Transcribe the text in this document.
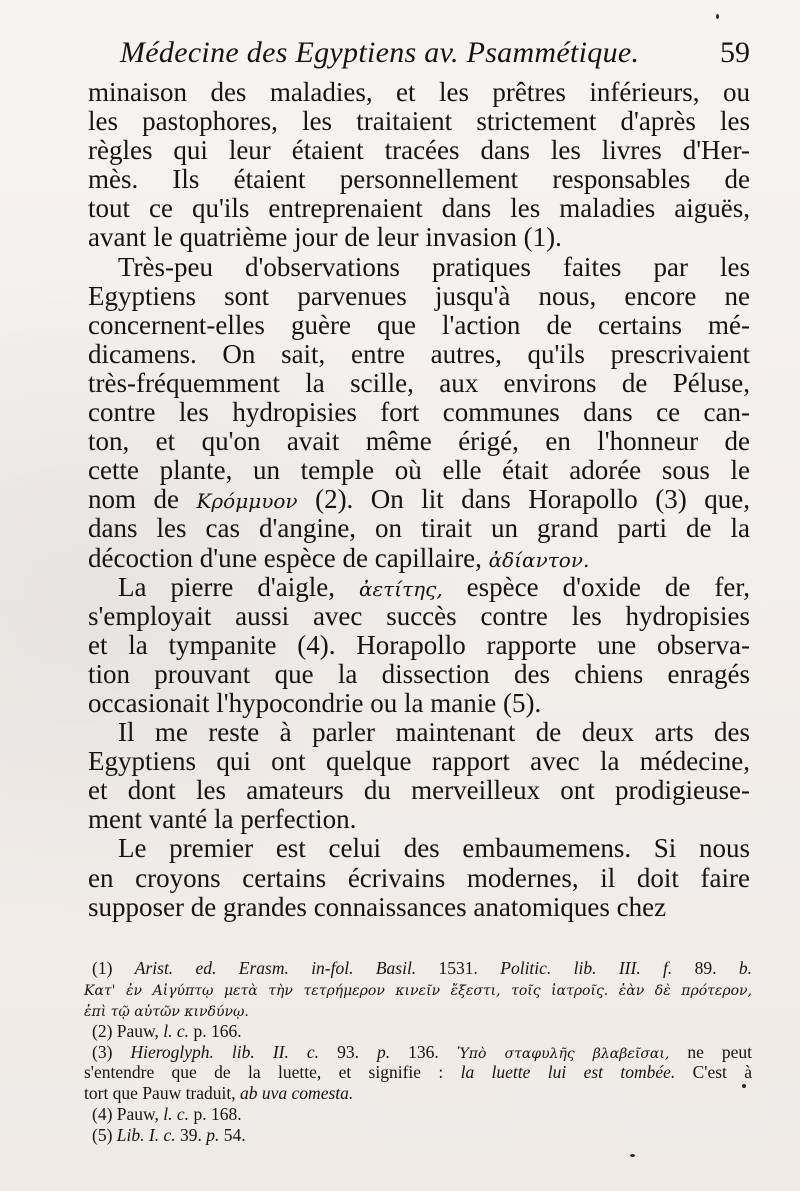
Médecine des Egyptiens av. Psammétique.	59
minaison des maladies, et les prêtres inférieurs, ou
les pastophores, les traitaient strictement d'après les
règles qui leur étaient tracées dans les livres d'Her-
mès. Ils étaient personnellement responsables de
tout ce qu'ils entreprenaient dans les maladies aiguës,
avant le quatrième jour de leur invasion (1).
Très-peu d'observations pratiques faites par les
Egyptiens sont parvenues jusqu'à nous, encore ne
concernent-elles guère que l'action de certains mé-
dicamens. On sait, entre autres, qu'ils prescrivaient
très-fréquemment la scille, aux environs de Péluse,
contre les hydropisies fort communes dans ce can-
ton, et qu'on avait même érigé, en l'honneur de
cette plante, un temple où elle était adorée sous le
nom de Κρόμμυον (2). On lit dans Horapollo (3) que,
dans les cas d'angine, on tirait un grand parti de la
décoction d'une espèce de capillaire, ἀδίαντον.
La pierre d'aigle, ἀετίτης, espèce d'oxide de fer,
s'employait aussi avec succès contre les hydropisies
et la tympanite (4). Horapollo rapporte une observa-
tion prouvant que la dissection des chiens enragés
occasionait l'hypocondrie ou la manie (5).
Il me reste à parler maintenant de deux arts des
Egyptiens qui ont quelque rapport avec la médecine,
et dont les amateurs du merveilleux ont prodigieuse-
ment vanté la perfection.
Le premier est celui des embaumemens. Si nous
en croyons certains écrivains modernes, il doit faire
supposer de grandes connaissances anatomiques chez
(1) Arist. ed. Erasm. in-fol. Basil. 1531. Politic. lib. III. f. 89. b.
Κατ' ἐν Αἰγύπτῳ μετὰ τὴν τετρήμερον κινεῖν ἔξεστι, τοῖς ἰατροῖς. ἐὰν δὲ πρότερον,
ἐπὶ τῷ αὐτῶν κινδύνῳ.
(2) Pauw, l. c. p. 166.
(3) Hieroglyph. lib. II. c. 93. p. 136. Ὑπὸ σταφυλῆς βλαβεῖσαι, ne peut
s'entendre que de la luette, et signifie : la luette lui est tombée. C'est à
tort que Pauw traduit, ab uva comesta.
(4) Pauw, l. c. p. 168.
(5) Lib. I. c. 39. p. 54.
